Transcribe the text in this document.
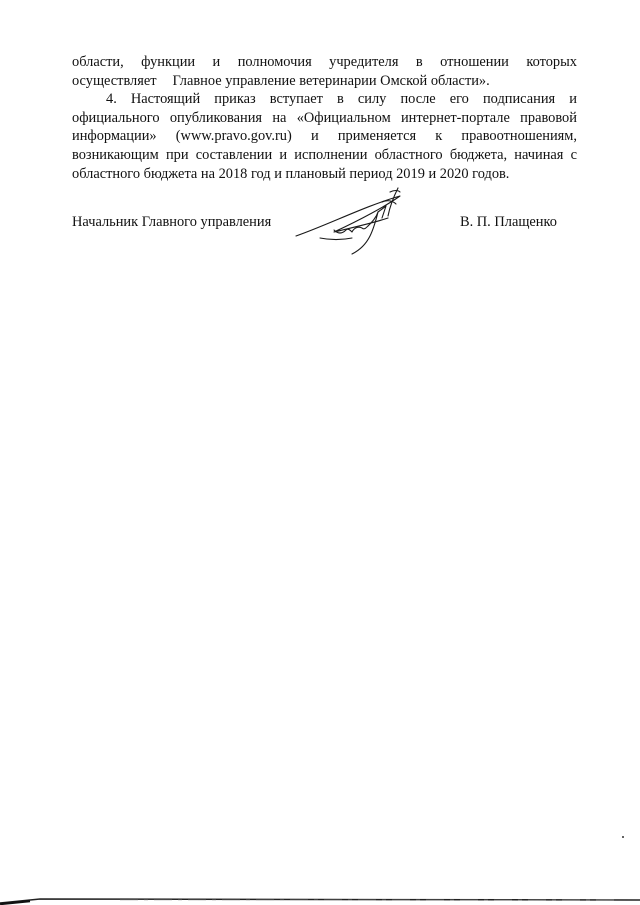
области, функции и полномочия учредителя в отношении которых
осуществляет Главное управление ветеринарии Омской области».
4. Настоящий приказ вступает в силу после его подписания и
официального опубликования на «Официальном интернет-портале правовой
информации» (www.pravo.gov.ru) и применяется к правоотношениям,
возникающим при составлении и исполнении областного бюджета, начиная с
областного бюджета на 2018 год и плановый период 2019 и 2020 годов.
Начальник Главного управления	В. П. Плащенко
